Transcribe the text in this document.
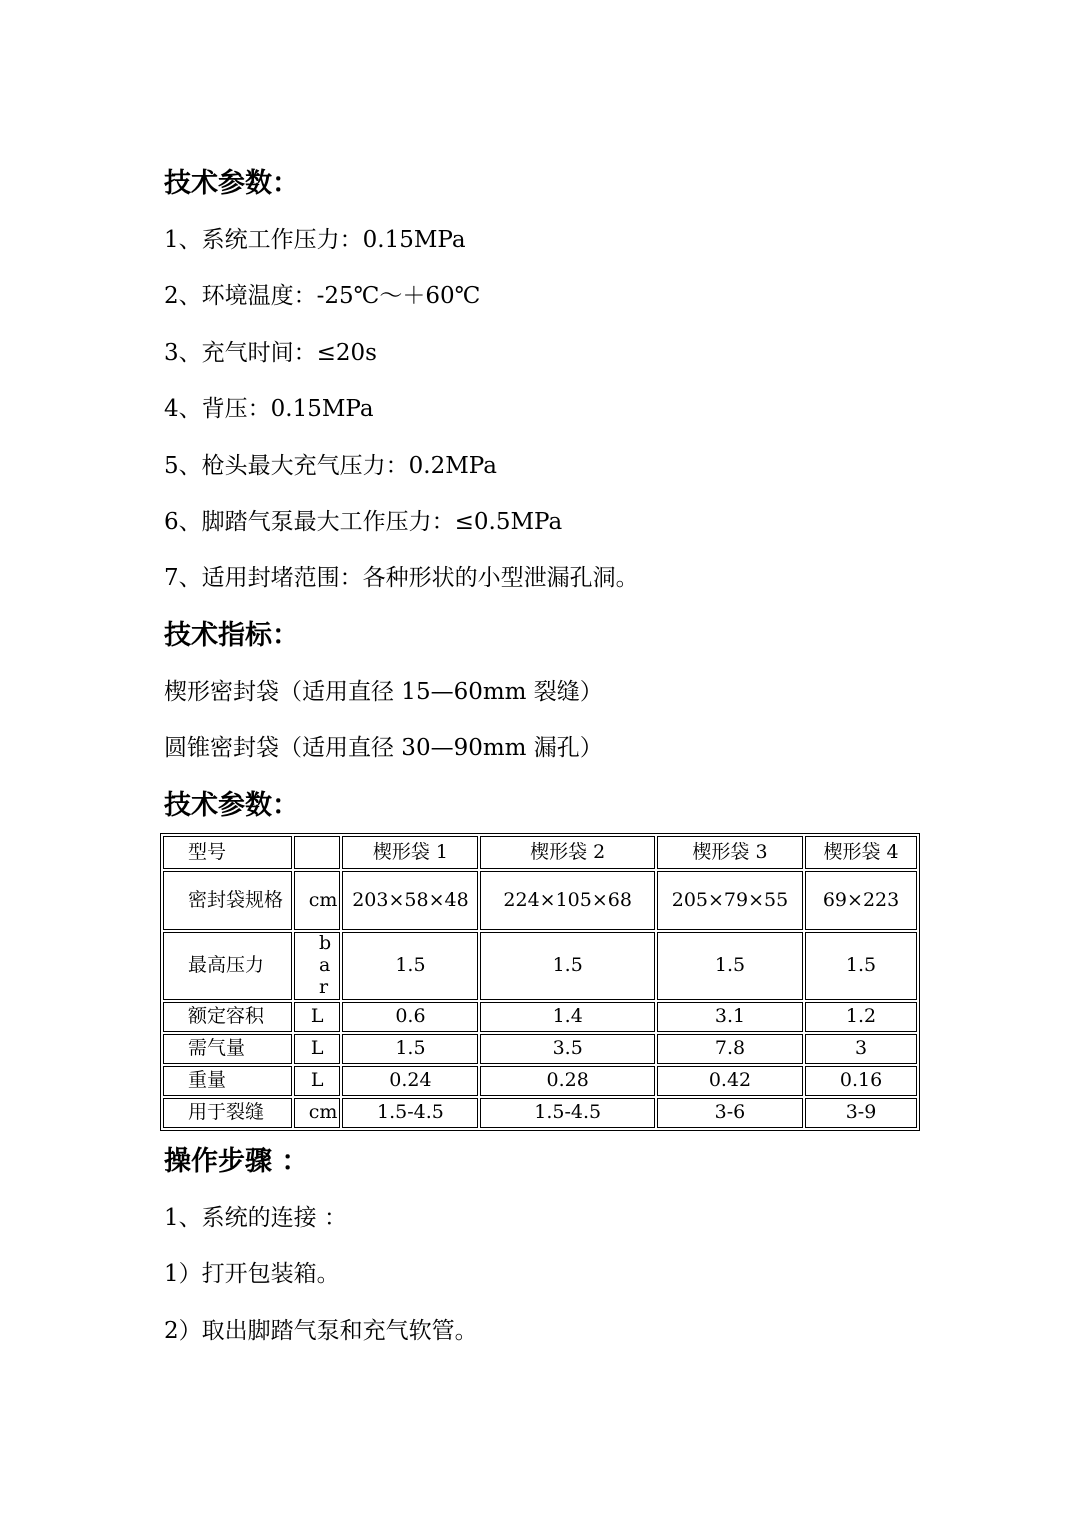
技术参数：
1、系统工作压力：0.15MPa
2、环境温度：-25℃～＋60℃
3、充气时间：≤20s
4、背压：0.15MPa
5、枪头最大充气压力：0.2MPa
6、脚踏气泵最大工作压力：≤0.5MPa
7、适用封堵范围：各种形状的小型泄漏孔洞。
技术指标：
楔形密封袋（适用直径 15—60mm 裂缝）
圆锥密封袋（适用直径 30—90mm 漏孔）
技术参数：
型号		楔形袋 1	楔形袋 2	楔形袋 3	楔形袋 4
密封袋规格	cm	203×58×48	224×105×68	205×79×55	69×223
最高压力	bar	1.5	1.5	1.5	1.5
额定容积	L	0.6	1.4	3.1	1.2
需气量	L	1.5	3.5	7.8	3
重量	L	0.24	0.28	0.42	0.16
用于裂缝	cm	1.5-4.5	1.5-4.5	3-6	3-9
操作步骤 ：
1、系统的连接 ：
1）打开包装箱。
2）取出脚踏气泵和充气软管。
